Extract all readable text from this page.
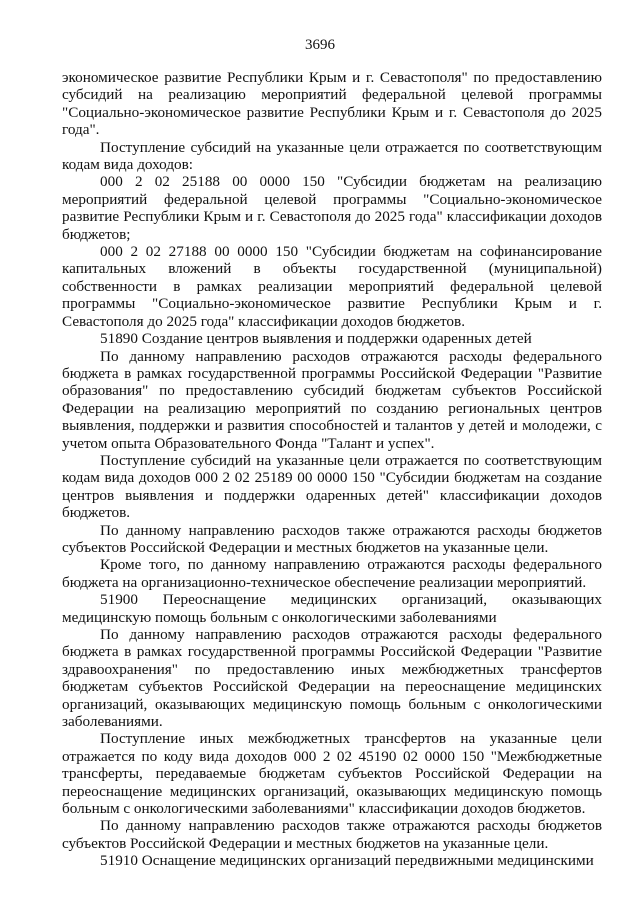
3696

экономическое развитие Республики Крым и г. Севастополя" по предоставлению субсидий на реализацию мероприятий федеральной целевой программы "Социально-экономическое развитие Республики Крым и г. Севастополя до 2025 года".

Поступление субсидий на указанные цели отражается по соответствующим кодам вида доходов:

000 2 02 25188 00 0000 150 "Субсидии бюджетам на реализацию мероприятий федеральной целевой программы "Социально-экономическое развитие Республики Крым и г. Севастополя до 2025 года" классификации доходов бюджетов;

000 2 02 27188 00 0000 150 "Субсидии бюджетам на софинансирование капитальных вложений в объекты государственной (муниципальной) собственности в рамках реализации мероприятий федеральной целевой программы "Социально-экономическое развитие Республики Крым и г. Севастополя до 2025 года" классификации доходов бюджетов.

51890 Создание центров выявления и поддержки одаренных детей

По данному направлению расходов отражаются расходы федерального бюджета в рамках государственной программы Российской Федерации "Развитие образования" по предоставлению субсидий бюджетам субъектов Российской Федерации на реализацию мероприятий по созданию региональных центров выявления, поддержки и развития способностей и талантов у детей и молодежи, с учетом опыта Образовательного Фонда "Талант и успех".

Поступление субсидий на указанные цели отражается по соответствующим кодам вида доходов 000 2 02 25189 00 0000 150 "Субсидии бюджетам на создание центров выявления и поддержки одаренных детей" классификации доходов бюджетов.

По данному направлению расходов также отражаются расходы бюджетов субъектов Российской Федерации и местных бюджетов на указанные цели.

Кроме того, по данному направлению отражаются расходы федерального бюджета на организационно-техническое обеспечение реализации мероприятий.

51900 Переоснащение медицинских организаций, оказывающих медицинскую помощь больным с онкологическими заболеваниями

По данному направлению расходов отражаются расходы федерального бюджета в рамках государственной программы Российской Федерации "Развитие здравоохранения" по предоставлению иных межбюджетных трансфертов бюджетам субъектов Российской Федерации на переоснащение медицинских организаций, оказывающих медицинскую помощь больным с онкологическими заболеваниями.

Поступление иных межбюджетных трансфертов на указанные цели отражается по коду вида доходов 000 2 02 45190 02 0000 150 "Межбюджетные трансферты, передаваемые бюджетам субъектов Российской Федерации на переоснащение медицинских организаций, оказывающих медицинскую помощь больным с онкологическими заболеваниями" классификации доходов бюджетов.

По данному направлению расходов также отражаются расходы бюджетов субъектов Российской Федерации и местных бюджетов на указанные цели.

51910 Оснащение медицинских организаций передвижными медицинскими
